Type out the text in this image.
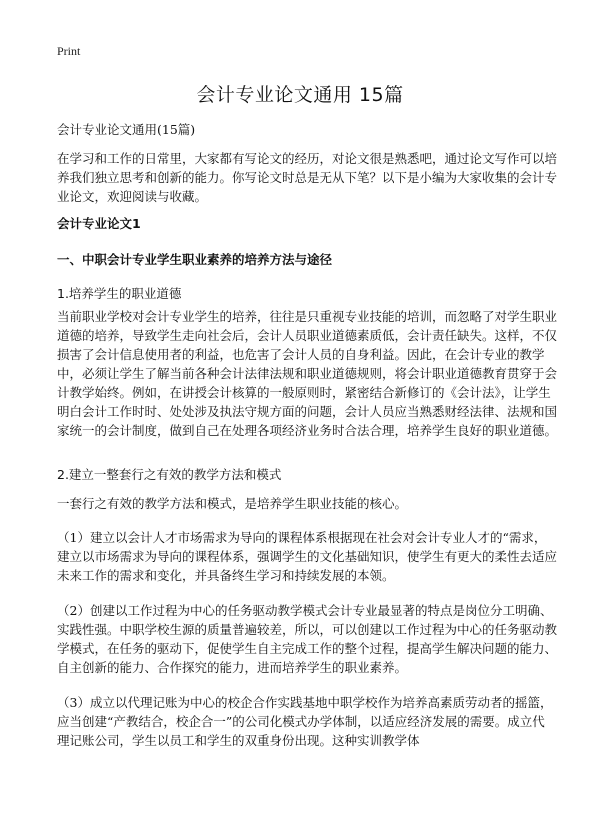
Print
会计专业论文通用 15篇
会计专业论文通用(15篇)
在学习和工作的日常里，大家都有写论文的经历，对论文很是熟悉吧，通过论文写作可以培养我们独立思考和创新的能力。你写论文时总是无从下笔？以下是小编为大家收集的会计专业论文，欢迎阅读与收藏。
会计专业论文1
一、中职会计专业学生职业素养的培养方法与途径
1.培养学生的职业道德
当前职业学校对会计专业学生的培养，往往是只重视专业技能的培训，而忽略了对学生职业道德的培养，导致学生走向社会后，会计人员职业道德素质低，会计责任缺失。这样，不仅损害了会计信息使用者的利益，也危害了会计人员的自身利益。因此，在会计专业的教学中，必须让学生了解当前各种会计法律法规和职业道德规则，将会计职业道德教育贯穿于会计教学始终。例如，在讲授会计核算的一般原则时，紧密结合新修订的《会计法》，让学生明白会计工作时时、处处涉及执法守规方面的问题，会计人员应当熟悉财经法律、法规和国家统一的会计制度，做到自己在处理各项经济业务时合法合理，培养学生良好的职业道德。
2.建立一整套行之有效的教学方法和模式
一套行之有效的教学方法和模式，是培养学生职业技能的核心。
（1）建立以会计人才市场需求为导向的课程体系根据现在社会对会计专业人才的“需求，建立以市场需求为导向的课程体系，强调学生的文化基础知识，使学生有更大的柔性去适应未来工作的需求和变化，并具备终生学习和持续发展的本领。
（2）创建以工作过程为中心的任务驱动教学模式会计专业最显著的特点是岗位分工明确、实践性强。中职学校生源的质量普遍较差，所以，可以创建以工作过程为中心的任务驱动教学模式，在任务的驱动下，促使学生自主完成工作的整个过程，提高学生解决问题的能力、自主创新的能力、合作探究的能力，进而培养学生的职业素养。
（3）成立以代理记账为中心的校企合作实践基地中职学校作为培养高素质劳动者的摇篮，应当创建“产教结合，校企合一”的公司化模式办学体制，以适应经济发展的需要。成立代理记账公司，学生以员工和学生的双重身份出现。这种实训教学体
